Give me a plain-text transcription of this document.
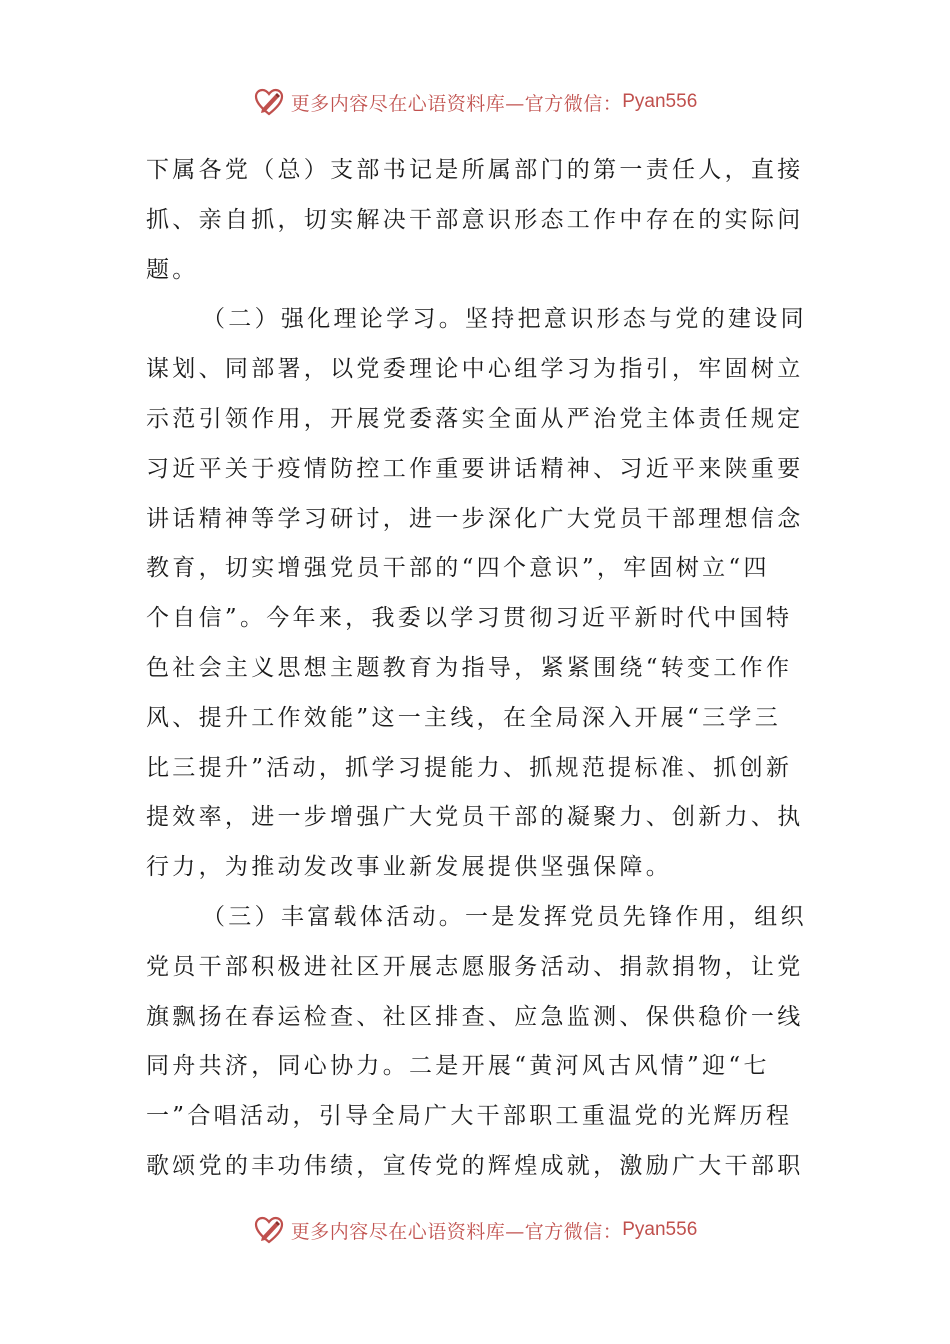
更多内容尽在心语资料库—官方微信： Pyan556
下属各党（总）支部书记是所属部门的第一责任人，直接
抓、亲自抓，切实解决干部意识形态工作中存在的实际问
题。
（二）强化理论学习。坚持把意识形态与党的建设同
谋划、同部署，以党委理论中心组学习为指引，牢固树立
示范引领作用，开展党委落实全面从严治党主体责任规定
习近平关于疫情防控工作重要讲话精神、习近平来陕重要
讲话精神等学习研讨，进一步深化广大党员干部理想信念
教育，切实增强党员干部的“四个意识”，牢固树立“四
个自信”。今年来，我委以学习贯彻习近平新时代中国特
色社会主义思想主题教育为指导，紧紧围绕“转变工作作
风、提升工作效能”这一主线，在全局深入开展“三学三
比三提升”活动，抓学习提能力、抓规范提标准、抓创新
提效率，进一步增强广大党员干部的凝聚力、创新力、执
行力，为推动发改事业新发展提供坚强保障。
（三）丰富载体活动。一是发挥党员先锋作用，组织
党员干部积极进社区开展志愿服务活动、捐款捐物，让党
旗飘扬在春运检查、社区排查、应急监测、保供稳价一线
同舟共济，同心协力。二是开展“黄河风古风情”迎“七
一”合唱活动，引导全局广大干部职工重温党的光辉历程
歌颂党的丰功伟绩，宣传党的辉煌成就，激励广大干部职
更多内容尽在心语资料库—官方微信： Pyan556
